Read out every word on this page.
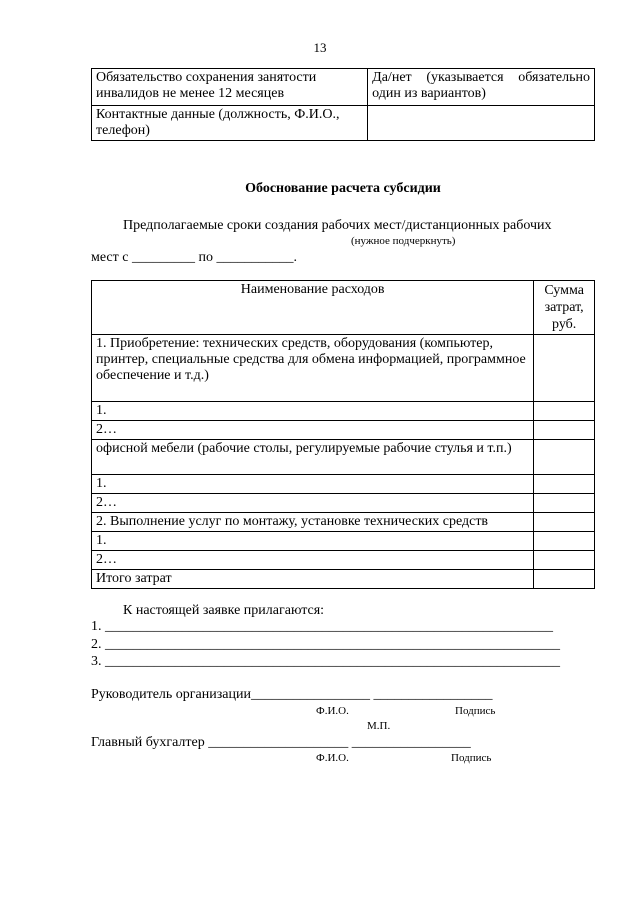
13
Обязательство сохранения занятости инвалидов не менее 12 месяцев	Да/нет (указывается обязательно один из вариантов)
Контактные данные (должность, Ф.И.О., телефон)	
Обоснование расчета субсидии
Предполагаемые сроки создания рабочих мест/дистанционных рабочих
(нужное подчеркнуть)
мест с _________ по ___________.
Наименование расходов	Сумма затрат, руб.
1. Приобретение: технических средств, оборудования (компьютер, принтер, специальные средства для обмена информацией, программное обеспечение и т.д.)	
1.	
2…	
офисной мебели (рабочие столы, регулируемые рабочие стулья и т.п.)	
1.	
2…	
2. Выполнение услуг по монтажу, установке технических средств	
1.	
2…	
Итого затрат	
К настоящей заявке прилагаются:
1. ________________________________________________________________
2. _________________________________________________________________
3. _________________________________________________________________
Руководитель организации_________________ _________________
Ф.И.О.	Подпись
М.П.
Главный бухгалтер ____________________ _________________
Ф.И.О.	Подпись
